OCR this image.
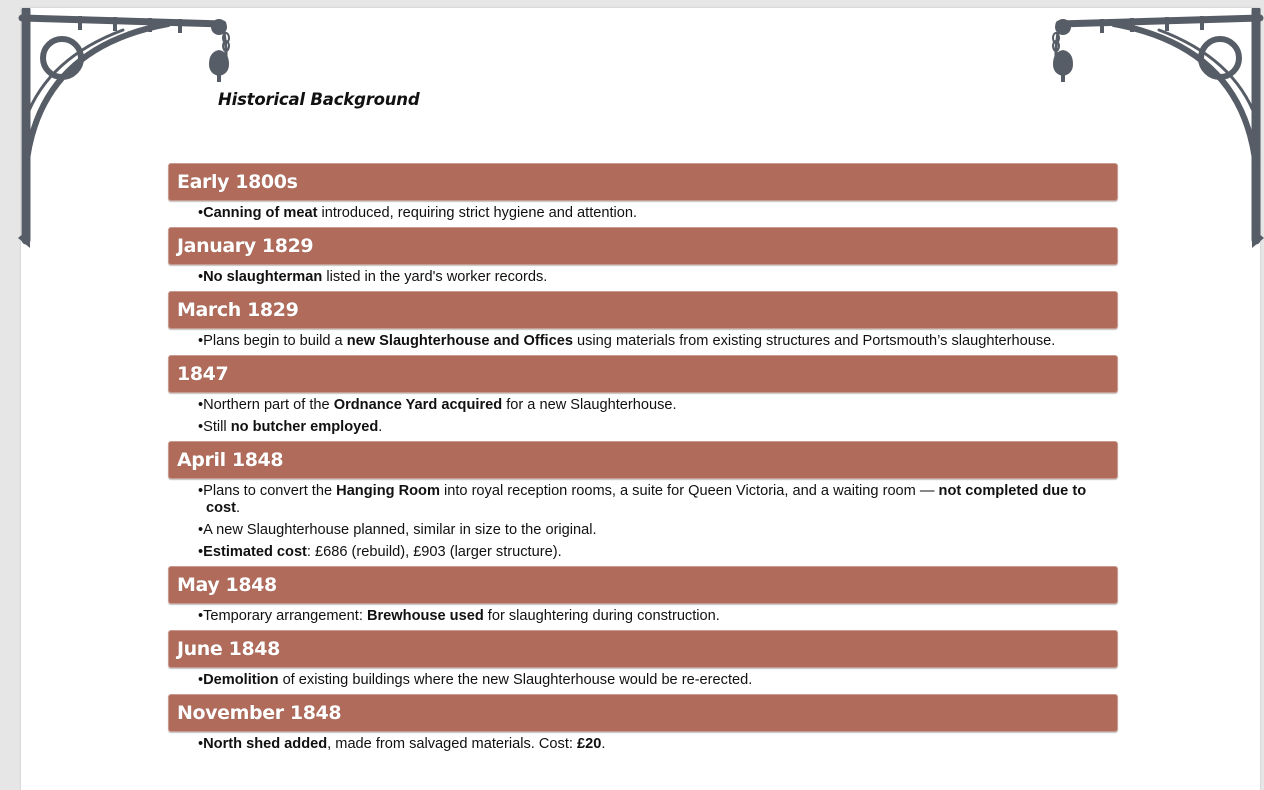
Historical Background
Early 1800s
• Canning of meat introduced, requiring strict hygiene and attention.
January 1829
• No slaughterman listed in the yard's worker records.
March 1829
• Plans begin to build a new Slaughterhouse and Offices using materials from existing structures and Portsmouth’s slaughterhouse.
1847
• Northern part of the Ordnance Yard acquired for a new Slaughterhouse.
• Still no butcher employed.
April 1848
• Plans to convert the Hanging Room into royal reception rooms, a suite for Queen Victoria, and a waiting room — not completed due to cost.
• A new Slaughterhouse planned, similar in size to the original.
• Estimated cost: £686 (rebuild), £903 (larger structure).
May 1848
• Temporary arrangement: Brewhouse used for slaughtering during construction.
June 1848
• Demolition of existing buildings where the new Slaughterhouse would be re-erected.
November 1848
• North shed added, made from salvaged materials. Cost: £20.
